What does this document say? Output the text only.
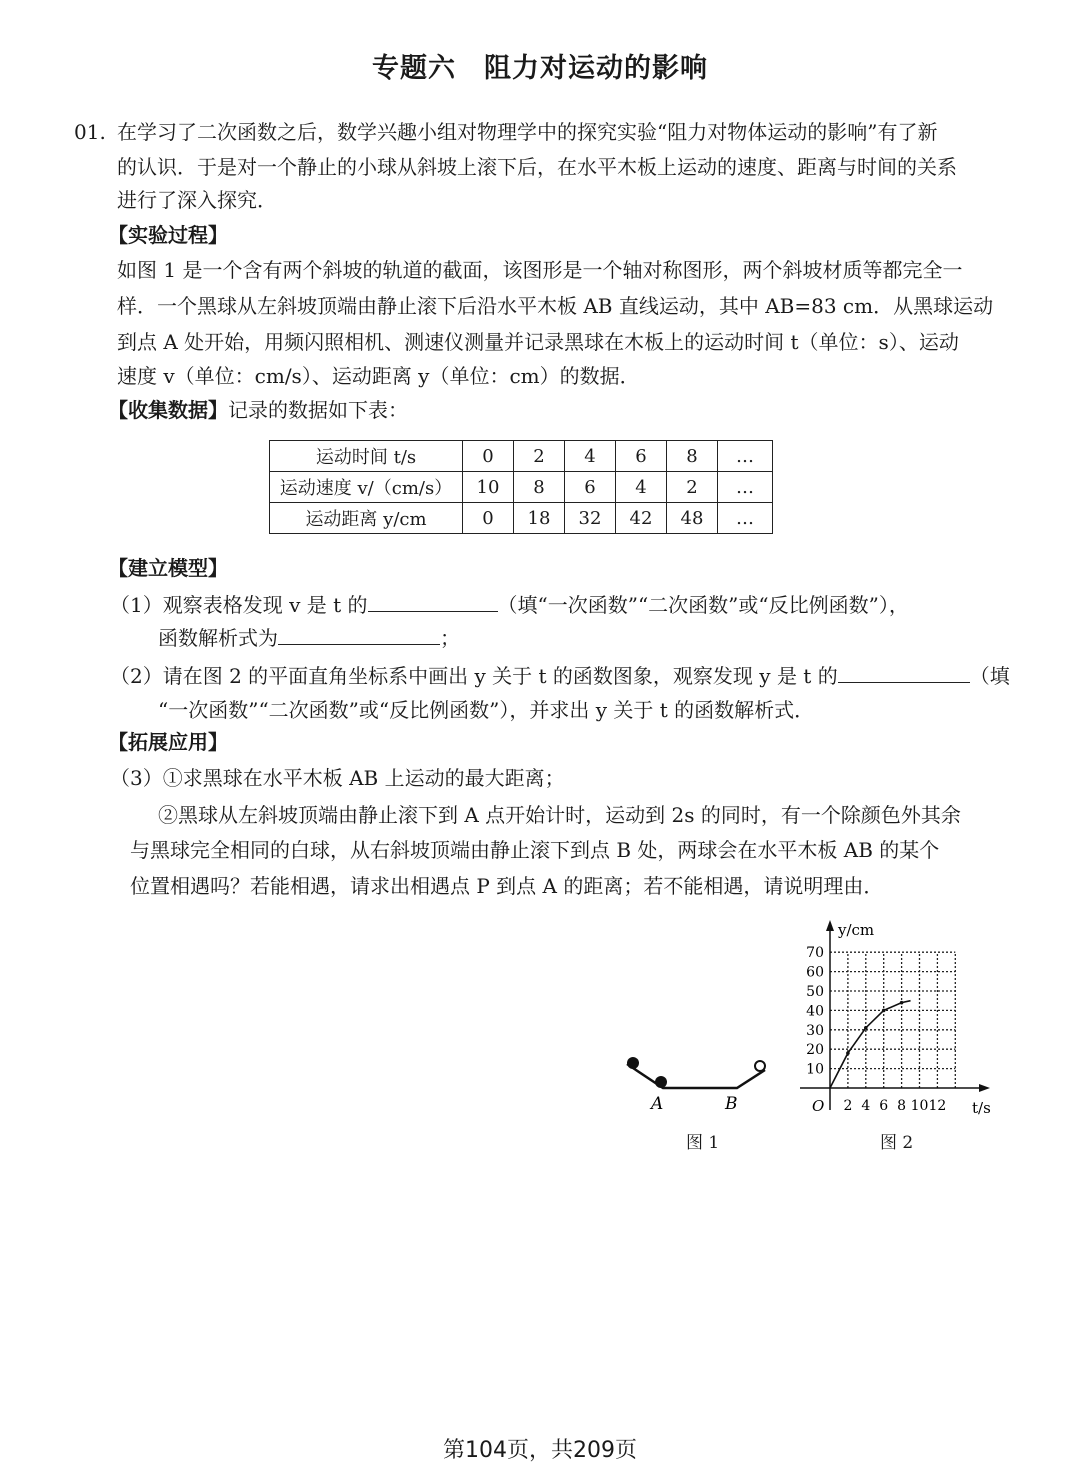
专题六　阻力对运动的影响
01. 在学习了二次函数之后，数学兴趣小组对物理学中的探究实验“阻力对物体运动的影响”有了新
的认识．于是对一个静止的小球从斜坡上滚下后，在水平木板上运动的速度、距离与时间的关系
进行了深入探究．
【实验过程】
如图 1 是一个含有两个斜坡的轨道的截面，该图形是一个轴对称图形，两个斜坡材质等都完全一
样．一个黑球从左斜坡顶端由静止滚下后沿水平木板 AB 直线运动，其中 AB=83 cm．从黑球运动
到点 A 处开始，用频闪照相机、测速仪测量并记录黑球在木板上的运动时间 t（单位：s）、运动
速度 v（单位：cm/s）、运动距离 y（单位：cm）的数据．
【收集数据】记录的数据如下表：
运动时间 t/s	0	2	4	6	8	…
运动速度 v/（cm/s）	10	8	6	4	2	…
运动距离 y/cm	0	18	32	42	48	…
【建立模型】
（1）观察表格发现 v 是 t 的	（填“一次函数”“二次函数”或“反比例函数”），
函数解析式为	；
（2）请在图 2 的平面直角坐标系中画出 y 关于 t 的函数图象，观察发现 y 是 t 的	（填
“一次函数”“二次函数”或“反比例函数”），并求出 y 关于 t 的函数解析式．
【拓展应用】
（3）①求黑球在水平木板 AB 上运动的最大距离；
②黑球从左斜坡顶端由静止滚下到 A 点开始计时，运动到 2s 的同时，有一个除颜色外其余
与黑球完全相同的白球，从右斜坡顶端由静止滚下到点 B 处，两球会在水平木板 AB 的某个
位置相遇吗？若能相遇，请求出相遇点 P 到点 A 的距离；若不能相遇，请说明理由．
A	B
图 1
10
20
30
40
50
60
70
2 4 6 8 10 12
O
y/cm
t/s
图 2
第104页，共209页
